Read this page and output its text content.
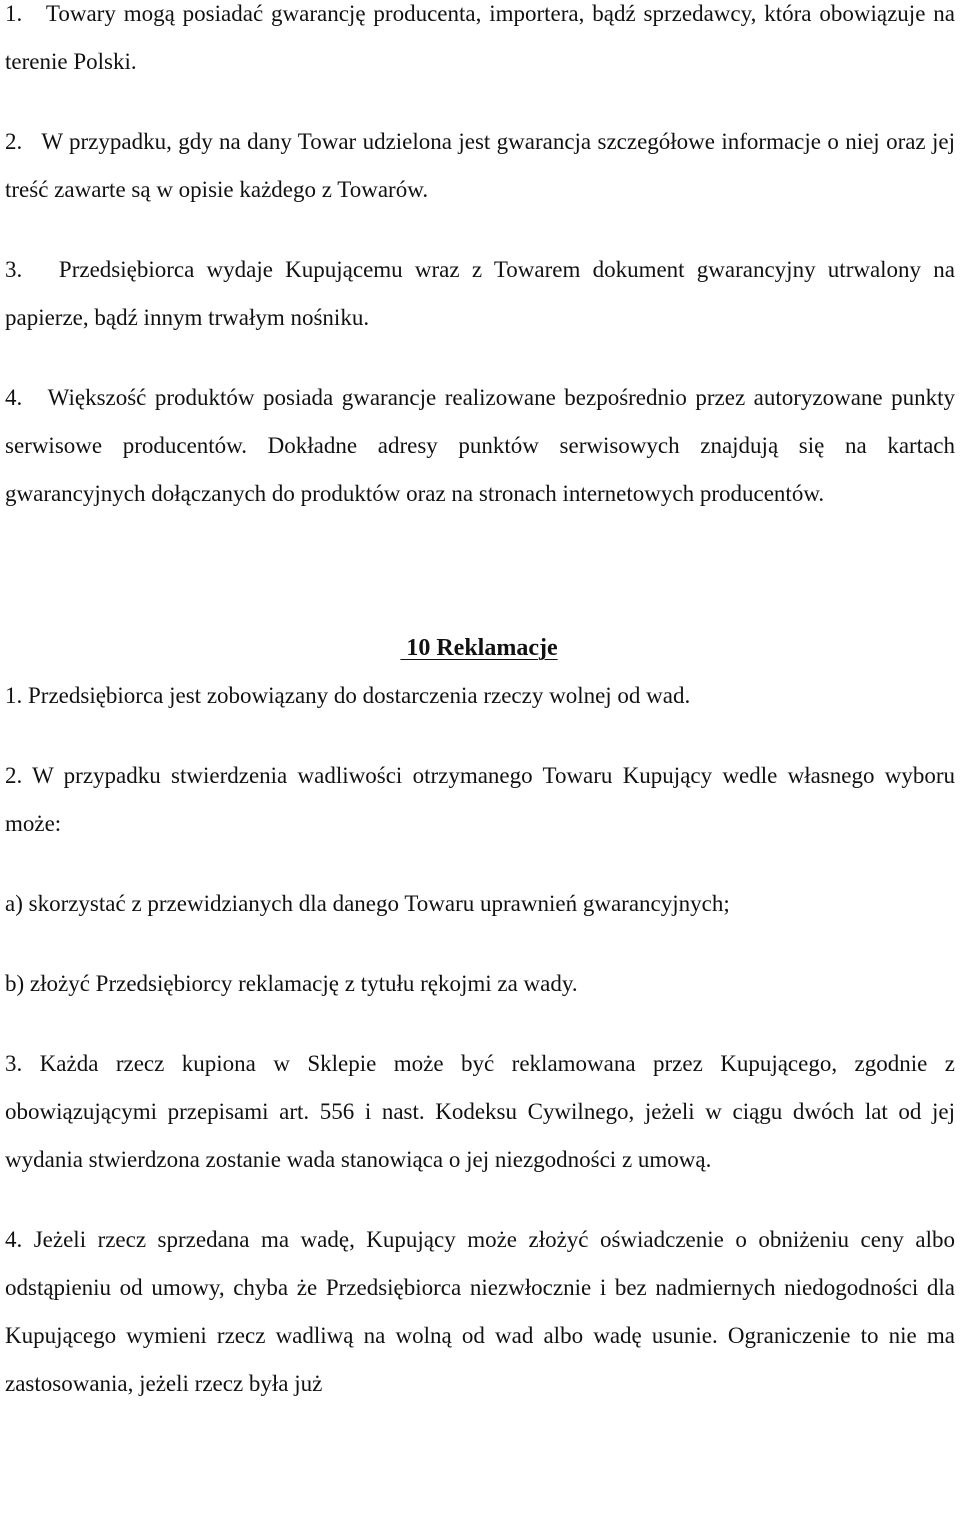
1.   Towary mogą posiadać gwarancję producenta, importera, bądź sprzedawcy, która obowiązuje na terenie Polski.

2.   W przypadku, gdy na dany Towar udzielona jest gwarancja szczegółowe informacje o niej oraz jej treść zawarte są w opisie każdego z Towarów.

3.   Przedsiębiorca wydaje Kupującemu wraz z Towarem dokument gwarancyjny utrwalony na papierze, bądź innym trwałym nośniku.

4.   Większość produktów posiada gwarancje realizowane bezpośrednio przez autoryzowane punkty serwisowe producentów. Dokładne adresy punktów serwisowych znajdują się na kartach gwarancyjnych dołączanych do produktów oraz na stronach internetowych producentów.

10 Reklamacje

1. Przedsiębiorca jest zobowiązany do dostarczenia rzeczy wolnej od wad.

2. W przypadku stwierdzenia wadliwości otrzymanego Towaru Kupujący wedle własnego wyboru może:

a) skorzystać z przewidzianych dla danego Towaru uprawnień gwarancyjnych;

b) złożyć Przedsiębiorcy reklamację z tytułu rękojmi za wady.

3. Każda rzecz kupiona w Sklepie może być reklamowana przez Kupującego, zgodnie z obowiązującymi przepisami art. 556 i nast. Kodeksu Cywilnego, jeżeli w ciągu dwóch lat od jej wydania stwierdzona zostanie wada stanowiąca o jej niezgodności z umową.

4. Jeżeli rzecz sprzedana ma wadę, Kupujący może złożyć oświadczenie o obniżeniu ceny albo odstąpieniu od umowy, chyba że Przedsiębiorca niezwłocznie i bez nadmiernych niedogodności dla Kupującego wymieni rzecz wadliwą na wolną od wad albo wadę usunie. Ograniczenie to nie ma zastosowania, jeżeli rzecz była już
